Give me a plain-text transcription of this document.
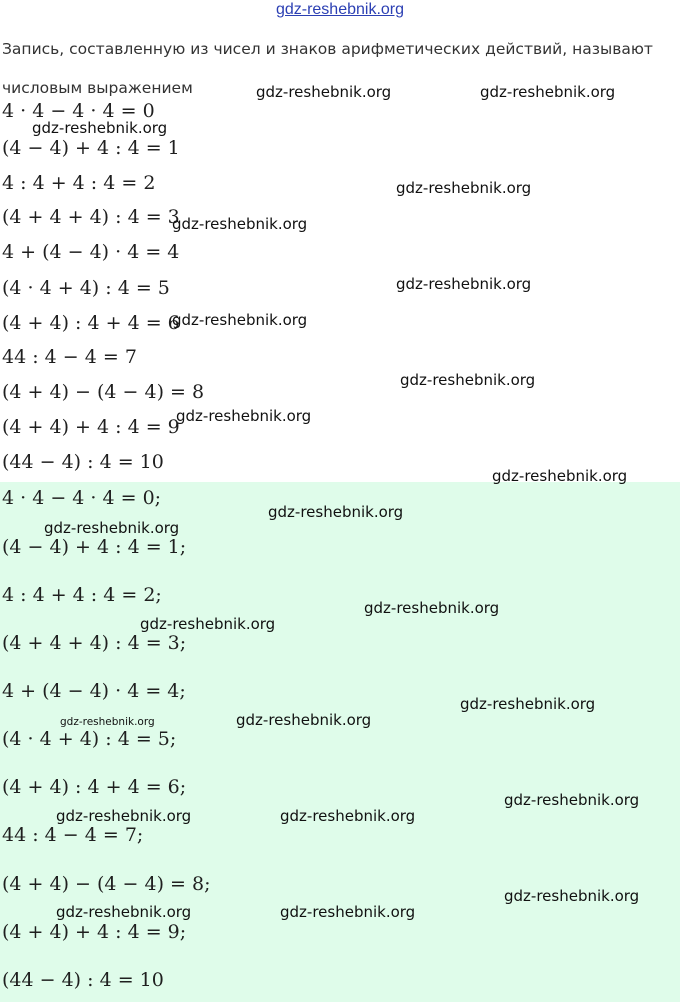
gdz-reshebnik.org
Запись, составленную из чисел и знаков арифметических действий, называют числовым выражением
4 · 4 − 4 · 4 = 0
(4 − 4) + 4 : 4 = 1
4 : 4 + 4 : 4 = 2
(4 + 4 + 4) : 4 = 3
4 + (4 − 4) · 4 = 4
(4 · 4 + 4) : 4 = 5
(4 + 4) : 4 + 4 = 6
44 : 4 − 4 = 7
(4 + 4) − (4 − 4) = 8
(4 + 4) + 4 : 4 = 9
(44 − 4) : 4 = 10
4 · 4 − 4 · 4 = 0;
(4 − 4) + 4 : 4 = 1;
4 : 4 + 4 : 4 = 2;
(4 + 4 + 4) : 4 = 3;
4 + (4 − 4) · 4 = 4;
(4 · 4 + 4) : 4 = 5;
(4 + 4) : 4 + 4 = 6;
44 : 4 − 4 = 7;
(4 + 4) − (4 − 4) = 8;
(4 + 4) + 4 : 4 = 9;
(44 − 4) : 4 = 10
gdz-reshebnik.org	gdz-reshebnik.org
gdz-reshebnik.org
gdz-reshebnik.org
gdz-reshebnik.org
gdz-reshebnik.org
gdz-reshebnik.org
gdz-reshebnik.org
gdz-reshebnik.org
gdz-reshebnik.org
gdz-reshebnik.org
gdz-reshebnik.org
gdz-reshebnik.org
gdz-reshebnik.org
gdz-reshebnik.org
gdz-reshebnik.org	gdz-reshebnik.org
gdz-reshebnik.org
gdz-reshebnik.org	gdz-reshebnik.org
gdz-reshebnik.org
gdz-reshebnik.org	gdz-reshebnik.org
